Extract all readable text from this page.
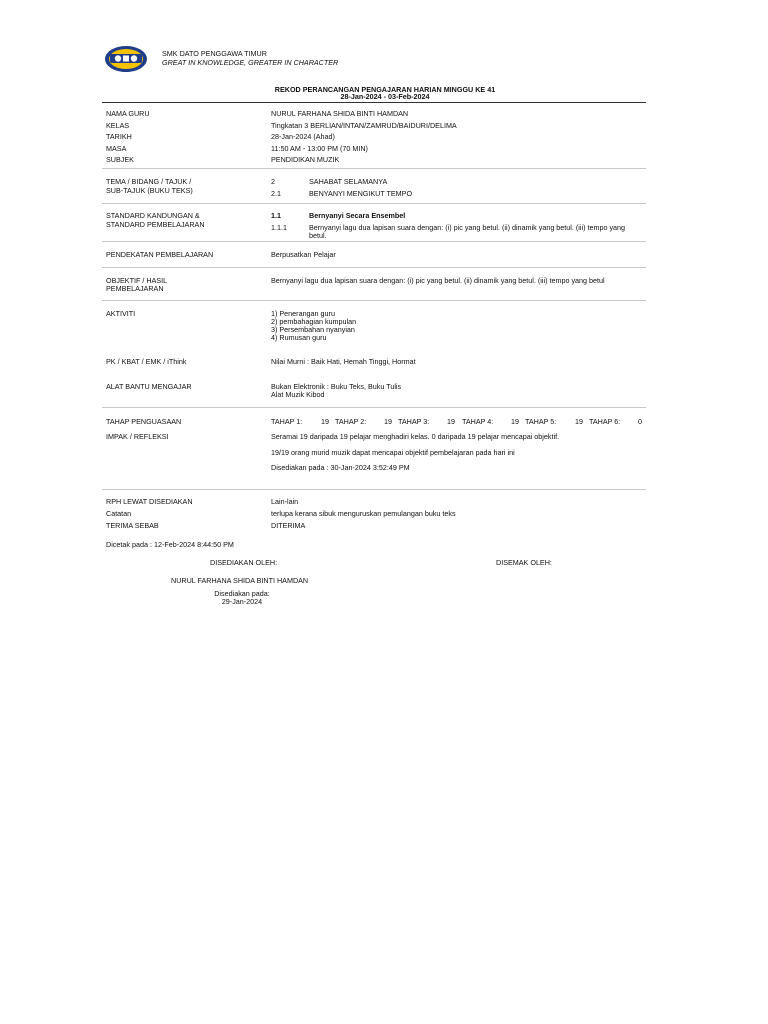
SMK DATO PENGGAWA TIMUR
GREAT IN KNOWLEDGE, GREATER IN CHARACTER
REKOD PERANCANGAN PENGAJARAN HARIAN MINGGU KE 41
28-Jan-2024 - 03-Feb-2024
NAMA GURU	NURUL FARHANA SHIDA BINTI HAMDAN
KELAS	Tingkatan 3 BERLIAN/INTAN/ZAMRUD/BAIDURI/DELIMA
TARIKH	28-Jan-2024 (Ahad)
MASA	11:50 AM - 13:00 PM (70 MIN)
SUBJEK	PENDIDIKAN MUZIK
TEMA / BIDANG / TAJUK /
SUB-TAJUK (BUKU TEKS)
2	SAHABAT SELAMANYA
2.1	BENYANYI MENGIKUT TEMPO
STANDARD KANDUNGAN &
STANDARD PEMBELAJARAN
1.1	Bernyanyi Secara Ensembel
1.1.1	Bernyanyi lagu dua lapisan suara dengan: (i) pic yang betul. (ii) dinamik yang betul. (iii) tempo yang
betul.
PENDEKATAN PEMBELAJARAN	Berpusatkan Pelajar
OBJEKTIF / HASIL
PEMBELAJARAN
Bernyanyi lagu dua lapisan suara dengan: (i) pic yang betul. (ii) dinamik yang betul. (iii) tempo yang betul
AKTIVITI	1) Penerangan guru
2) pembahagian kumpulan
3) Persembahan nyanyian
4) Rumusan guru
PK / KBAT / EMK / iThink	Nilai Murni : Baik Hati, Hemah Tinggi, Hormat
ALAT BANTU MENGAJAR	Bukan Elektronik : Buku Teks, Buku Tulis
Alat Muzik Kibod
TAHAP PENGUASAAN	TAHAP 1:	19 TAHAP 2: 19 TAHAP 3: 19 TAHAP 4: 19 TAHAP 5:	19 TAHAP 6: 0
IMPAK / REFLEKSI	Seramai 19 daripada 19 pelajar menghadiri kelas. 0 daripada 19 pelajar mencapai objektif.
19/19 orang murid muzik dapat mencapai objektif pembelajaran pada hari ini
Disediakan pada : 30-Jan-2024 3:52:49 PM
RPH LEWAT DISEDIAKAN	Lain-lain
Catatan	terlupa kerana sibuk menguruskan pemulangan buku teks
TERIMA SEBAB	DITERIMA
Dicetak pada : 12-Feb-2024 8:44:50 PM
DISEDIAKAN OLEH:	DISEMAK OLEH:
NURUL FARHANA SHIDA BINTI HAMDAN
Disediakan pada:
29-Jan-2024
